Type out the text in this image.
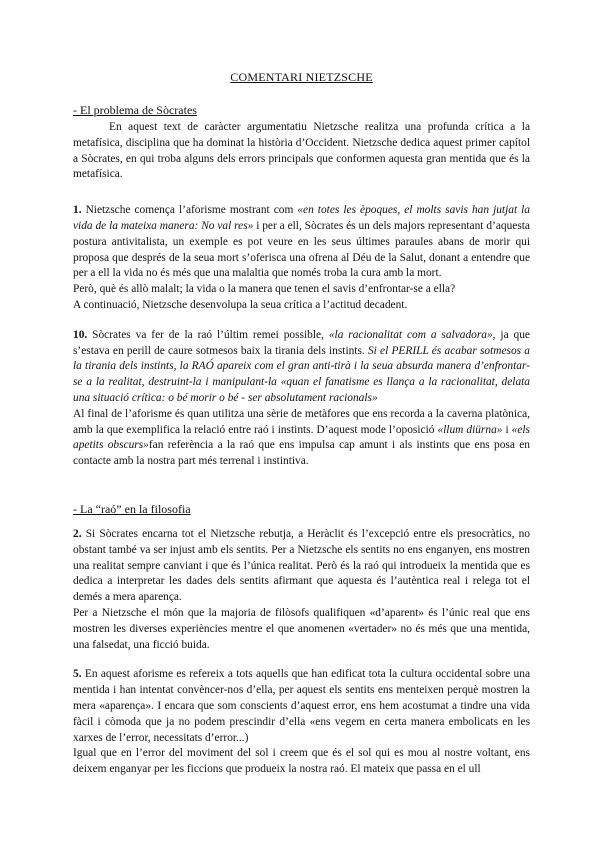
COMENTARI NIETZSCHE
- El problema de Sòcrates

En aquest text de caràcter argumentatiu Nietzsche realitza una profunda crítica a la metafísica, disciplina que ha dominat la història d’Occident. Nietzsche dedica aquest primer capítol a Sòcrates, en qui troba alguns dels errors principals que conformen aquesta gran mentida que és la metafísica.

1. Nietzsche comença l’aforisme mostrant com «en totes les èpoques, el molts savis han jutjat la vida de la mateixa manera: No val res» i per a ell, Sòcrates és un dels majors representant d’aquesta postura antivitalista, un exemple es pot veure en les seus últimes paraules abans de morir qui proposa que després de la seua mort s’oferisca una ofrena al Déu de la Salut, donant a entendre que per a ell la vida no és més que una malaltia que només troba la cura amb la mort.

Però, què és allò malalt; la vida o la manera que tenen el savis d’enfrontar-se a ella?

A continuació, Nietzsche desenvolupa la seua crítica a l’actitud decadent.

10. Sòcrates va fer de la raó l’últim remei possible, «la racionalitat com a salvadora», ja que s’estava en perill de caure sotmesos baix la tirania dels instints. Si el PERILL és acabar sotmesos a la tirania dels instints, la RAÓ apareix com el gran anti-tirà i la seua absurda manera d’enfrontar-se a la realitat, destruint-la i manipulant-la «quan el fanatisme es llança a la racionalitat, delata una situació crítica: o bé morir o bé - ser absolutament racionals»

Al final de l’aforisme és quan utilitza una sèrie de metàfores que ens recorda a la caverna platònica, amb la que exemplifica la relació entre raó i instints. D’aquest mode l’oposició «llum diürna» i «els apetits obscurs»fan referència a la raó que ens impulsa cap amunt i als instints que ens posa en contacte amb la nostra part més terrenal i instintiva.

- La “raó” en la filosofia

2. Si Sòcrates encarna tot el Nietzsche rebutja, a Heràclit és l’excepció entre els presocràtics, no obstant també va ser injust amb els sentits. Per a Nietzsche els sentits no ens enganyen, ens mostren una realitat sempre canviant i que és l’única realitat. Però és la raó qui introdueix la mentida que es dedica a interpretar les dades dels sentits afirmant que aquesta és l’autèntica real i relega tot el demés a mera aparença.

Per a Nietzsche el món que la majoria de filòsofs qualifiquen «d’aparent» és l’únic real que ens mostren les diverses experiències mentre el que anomenen «vertader» no és més que una mentida, una falsedat, una ficció buida.

5. En aquest aforisme es refereix a tots aquells que han edificat tota la cultura occidental sobre una mentida i han intentat convèncer-nos d’ella, per aquest els sentits ens menteixen perquè mostren la mera «aparença». I encara que som conscients d’aquest error, ens hem acostumat a tindre una vida fàcil i còmoda que ja no podem prescindir d’ella «ens vegem en certa manera embolicats en les xarxes de l’error, necessitats d’error...)

Igual que en l’error del moviment del sol i creem que és el sol qui es mou al nostre voltant, ens deixem enganyar per les ficcions que produeix la nostra raó. El mateix que passa en el ull
